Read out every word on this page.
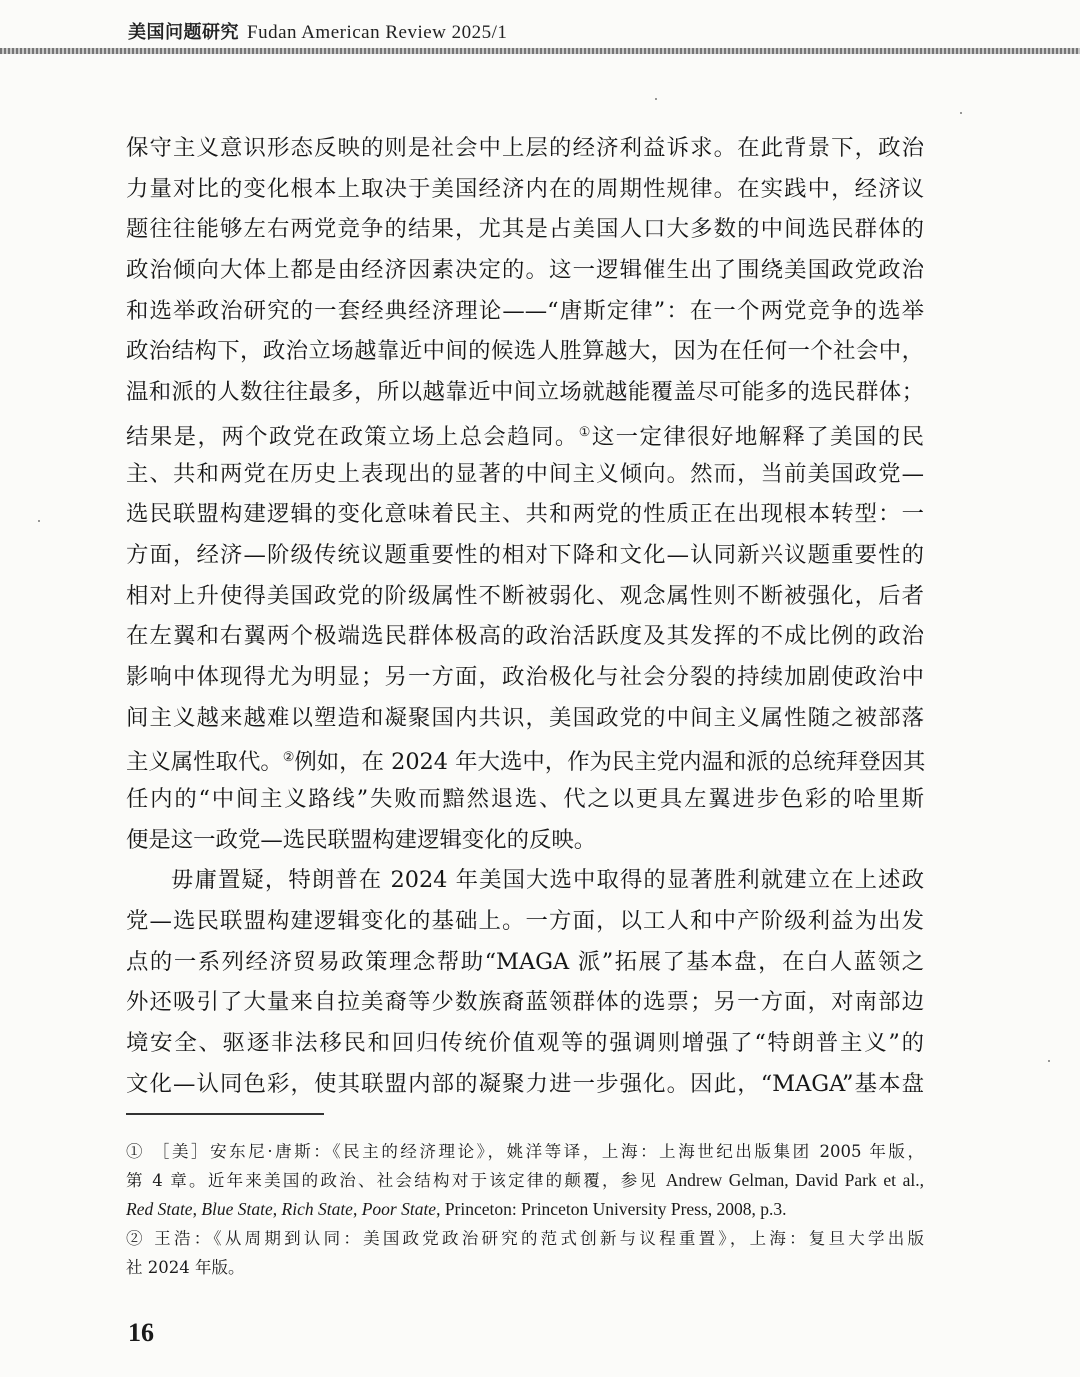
美国问题研究 Fudan American Review 2025/1

保守主义意识形态反映的则是社会中上层的经济利益诉求。在此背景下，政治
力量对比的变化根本上取决于美国经济内在的周期性规律。在实践中，经济议
题往往能够左右两党竞争的结果，尤其是占美国人口大多数的中间选民群体的
政治倾向大体上都是由经济因素决定的。这一逻辑催生出了围绕美国政党政治
和选举政治研究的一套经典经济理论——“唐斯定律”：在一个两党竞争的选举
政治结构下，政治立场越靠近中间的候选人胜算越大，因为在任何一个社会中，
温和派的人数往往最多，所以越靠近中间立场就越能覆盖尽可能多的选民群体；
结果是，两个政党在政策立场上总会趋同。①这一定律很好地解释了美国的民
主、共和两党在历史上表现出的显著的中间主义倾向。然而，当前美国政党—
选民联盟构建逻辑的变化意味着民主、共和两党的性质正在出现根本转型：一
方面，经济—阶级传统议题重要性的相对下降和文化—认同新兴议题重要性的
相对上升使得美国政党的阶级属性不断被弱化、观念属性则不断被强化，后者
在左翼和右翼两个极端选民群体极高的政治活跃度及其发挥的不成比例的政治
影响中体现得尤为明显；另一方面，政治极化与社会分裂的持续加剧使政治中
间主义越来越难以塑造和凝聚国内共识，美国政党的中间主义属性随之被部落
主义属性取代。②例如，在 2024 年大选中，作为民主党内温和派的总统拜登因其
任内的“中间主义路线”失败而黯然退选、代之以更具左翼进步色彩的哈里斯
便是这一政党—选民联盟构建逻辑变化的反映。

毋庸置疑，特朗普在 2024 年美国大选中取得的显著胜利就建立在上述政
党—选民联盟构建逻辑变化的基础上。一方面，以工人和中产阶级利益为出发
点的一系列经济贸易政策理念帮助“MAGA 派”拓展了基本盘，在白人蓝领之
外还吸引了大量来自拉美裔等少数族裔蓝领群体的选票；另一方面，对南部边
境安全、驱逐非法移民和回归传统价值观等的强调则增强了“特朗普主义”的
文化—认同色彩，使其联盟内部的凝聚力进一步强化。因此，“MAGA”基本盘

① ［美］安东尼·唐斯：《民主的经济理论》，姚洋等译，上海：上海世纪出版集团 2005 年版，
第 4 章。近年来美国的政治、社会结构对于该定律的颠覆，参见 Andrew Gelman, David Park et al.,
Red State, Blue State, Rich State, Poor State, Princeton: Princeton University Press, 2008, p.3.
② 王浩：《从周期到认同：美国政党政治研究的范式创新与议程重置》，上海：复旦大学出版
社 2024 年版。
16
